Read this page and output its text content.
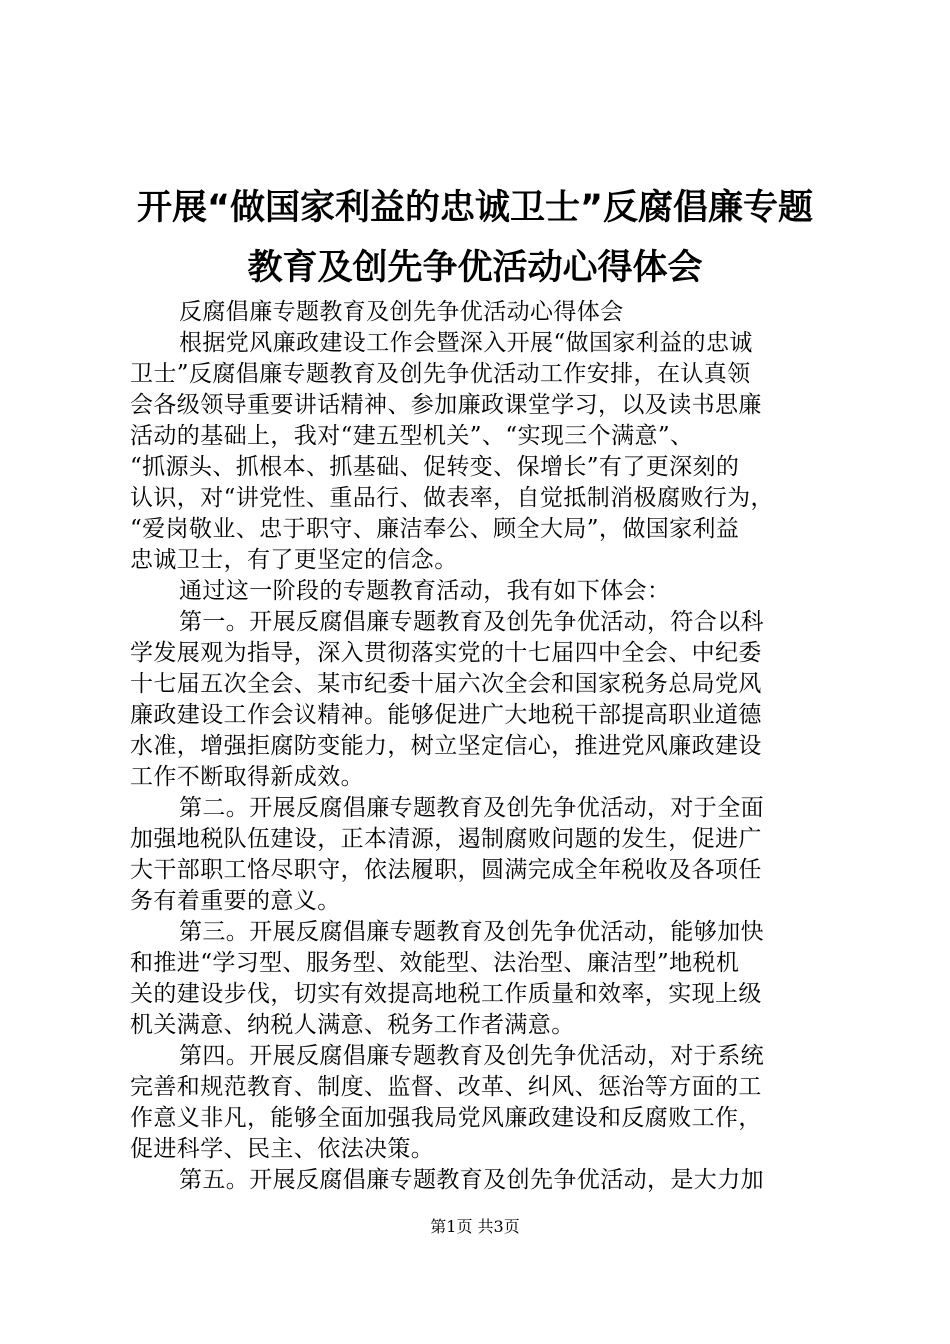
开展“做国家利益的忠诚卫士”反腐倡廉专题
教育及创先争优活动心得体会
反腐倡廉专题教育及创先争优活动心得体会
根据党风廉政建设工作会暨深入开展“做国家利益的忠诚
卫士”反腐倡廉专题教育及创先争优活动工作安排，在认真领
会各级领导重要讲话精神、参加廉政课堂学习，以及读书思廉
活动的基础上，我对“建五型机关”、“实现三个满意”、
“抓源头、抓根本、抓基础、促转变、保增长”有了更深刻的
认识，对“讲党性、重品行、做表率，自觉抵制消极腐败行为，
“爱岗敬业、忠于职守、廉洁奉公、顾全大局”，做国家利益
忠诚卫士，有了更坚定的信念。
通过这一阶段的专题教育活动，我有如下体会：
第一。开展反腐倡廉专题教育及创先争优活动，符合以科
学发展观为指导，深入贯彻落实党的十七届四中全会、中纪委
十七届五次全会、某市纪委十届六次全会和国家税务总局党风
廉政建设工作会议精神。能够促进广大地税干部提高职业道德
水准，增强拒腐防变能力，树立坚定信心，推进党风廉政建设
工作不断取得新成效。
第二。开展反腐倡廉专题教育及创先争优活动，对于全面
加强地税队伍建设，正本清源，遏制腐败问题的发生，促进广
大干部职工恪尽职守，依法履职，圆满完成全年税收及各项任
务有着重要的意义。
第三。开展反腐倡廉专题教育及创先争优活动，能够加快
和推进“学习型、服务型、效能型、法治型、廉洁型”地税机
关的建设步伐，切实有效提高地税工作质量和效率，实现上级
机关满意、纳税人满意、税务工作者满意。
第四。开展反腐倡廉专题教育及创先争优活动，对于系统
完善和规范教育、制度、监督、改革、纠风、惩治等方面的工
作意义非凡，能够全面加强我局党风廉政建设和反腐败工作，
促进科学、民主、依法决策。
第五。开展反腐倡廉专题教育及创先争优活动，是大力加
第1页 共3页
